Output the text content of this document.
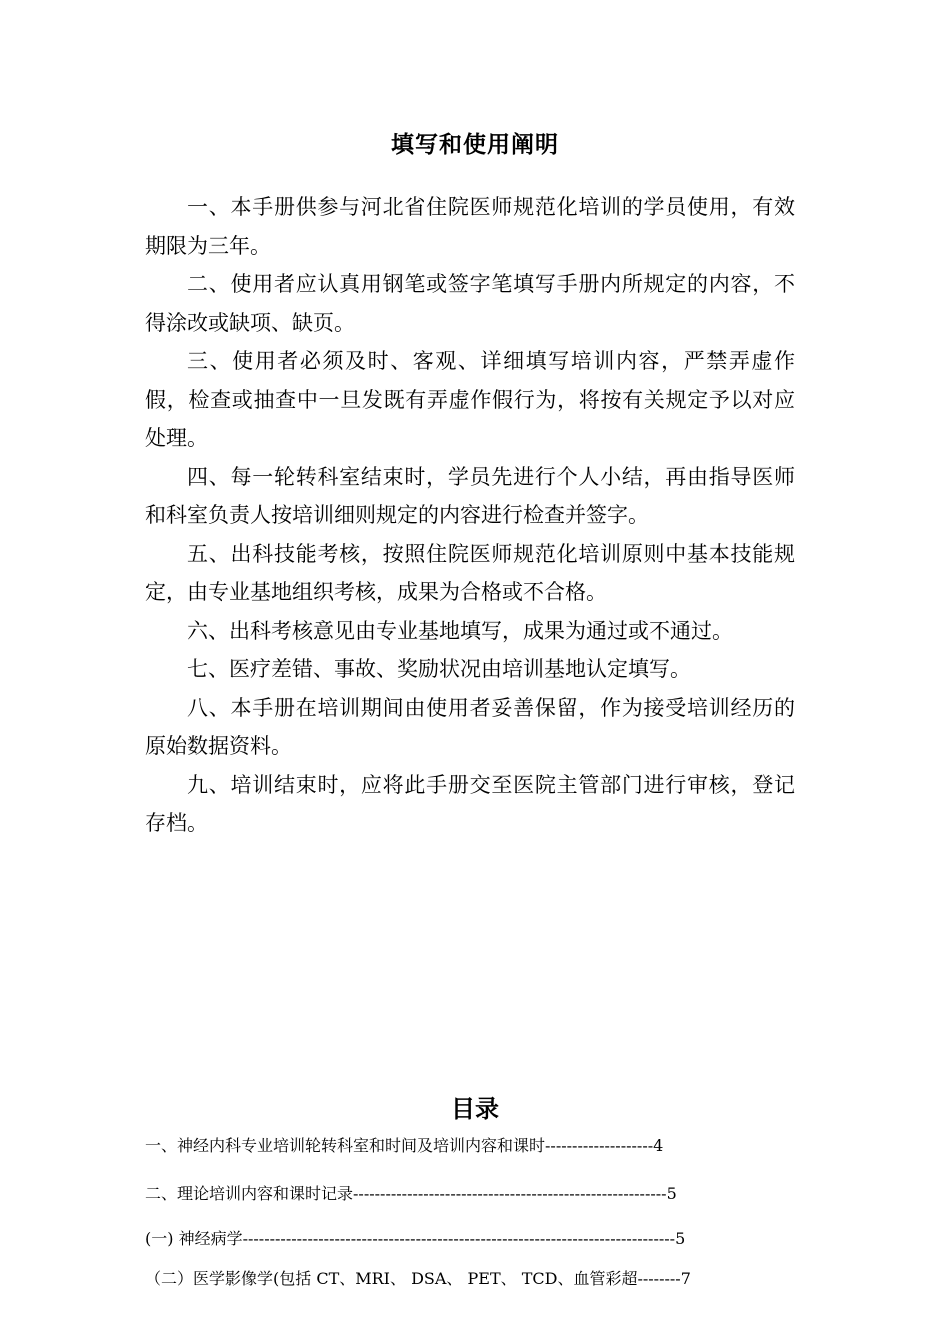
填写和使用阐明

一、本手册供参与河北省住院医师规范化培训的学员使用，有效期限为三年。

二、使用者应认真用钢笔或签字笔填写手册内所规定的内容，不得涂改或缺项、缺页。

三、使用者必须及时、客观、详细填写培训内容，严禁弄虚作假，检查或抽查中一旦发既有弄虚作假行为，将按有关规定予以对应处理。

四、每一轮转科室结束时，学员先进行个人小结，再由指导医师和科室负责人按培训细则规定的内容进行检查并签字。

五、出科技能考核，按照住院医师规范化培训原则中基本技能规定，由专业基地组织考核，成果为合格或不合格。

六、出科考核意见由专业基地填写，成果为通过或不通过。

七、医疗差错、事故、奖励状况由培训基地认定填写。

八、本手册在培训期间由使用者妥善保留，作为接受培训经历的原始数据资料。

九、培训结束时，应将此手册交至医院主管部门进行审核，登记存档。

目录
一、神经内科专业培训轮转科室和时间及培训内容和课时--------------------4
二、理论培训内容和课时记录----------------------------------------------------------5
(一) 神经病学--------------------------------------------------------------------------------5
（二）医学影像学(包括 CT、MRI、 DSA、 PET、 TCD、血管彩超--------7
